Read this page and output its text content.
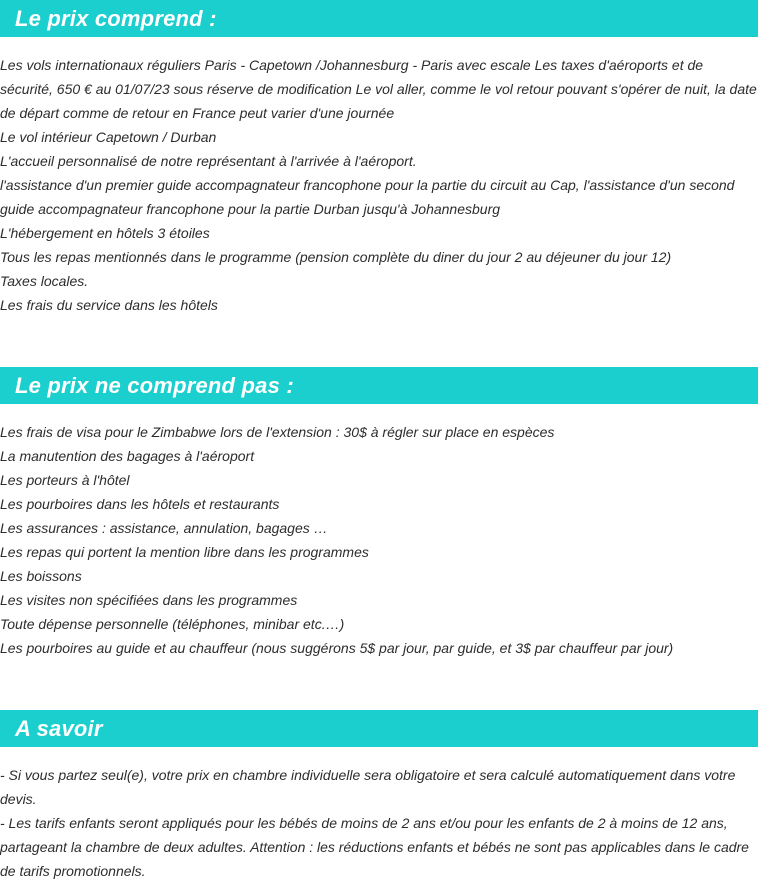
Le prix comprend :
Les vols internationaux réguliers Paris - Capetown /Johannesburg - Paris avec escale Les taxes d'aéroports et de sécurité, 650 € au 01/07/23 sous réserve de modification Le vol aller, comme le vol retour pouvant s'opérer de nuit, la date de départ comme de retour en France peut varier d'une journée
Le vol intérieur Capetown / Durban
L'accueil personnalisé de notre représentant à l'arrivée à l'aéroport.
l'assistance d'un premier guide accompagnateur francophone pour la partie du circuit au Cap, l'assistance d'un second guide accompagnateur francophone pour la partie Durban jusqu'à Johannesburg
L'hébergement en hôtels 3 étoiles
Tous les repas mentionnés dans le programme (pension complète du diner du jour 2 au déjeuner du jour 12)
Taxes locales.
Les frais du service dans les hôtels
Le prix ne comprend pas :
Les frais de visa pour le Zimbabwe lors de l'extension : 30$ à régler sur place en espèces
La manutention des bagages à l'aéroport
Les porteurs à l'hôtel
Les pourboires dans les hôtels et restaurants
Les assurances : assistance, annulation, bagages …
Les repas qui portent la mention libre dans les programmes
Les boissons
Les visites non spécifiées dans les programmes
Toute dépense personnelle (téléphones, minibar etc.…)
Les pourboires au guide et au chauffeur (nous suggérons 5$ par jour, par guide, et 3$ par chauffeur par jour)
A savoir
- Si vous partez seul(e), votre prix en chambre individuelle sera obligatoire et sera calculé automatiquement dans votre devis.
- Les tarifs enfants seront appliqués pour les bébés de moins de 2 ans et/ou pour les enfants de 2 à moins de 12 ans, partageant la chambre de deux adultes. Attention : les réductions enfants et bébés ne sont pas applicables dans le cadre de tarifs promotionnels.
